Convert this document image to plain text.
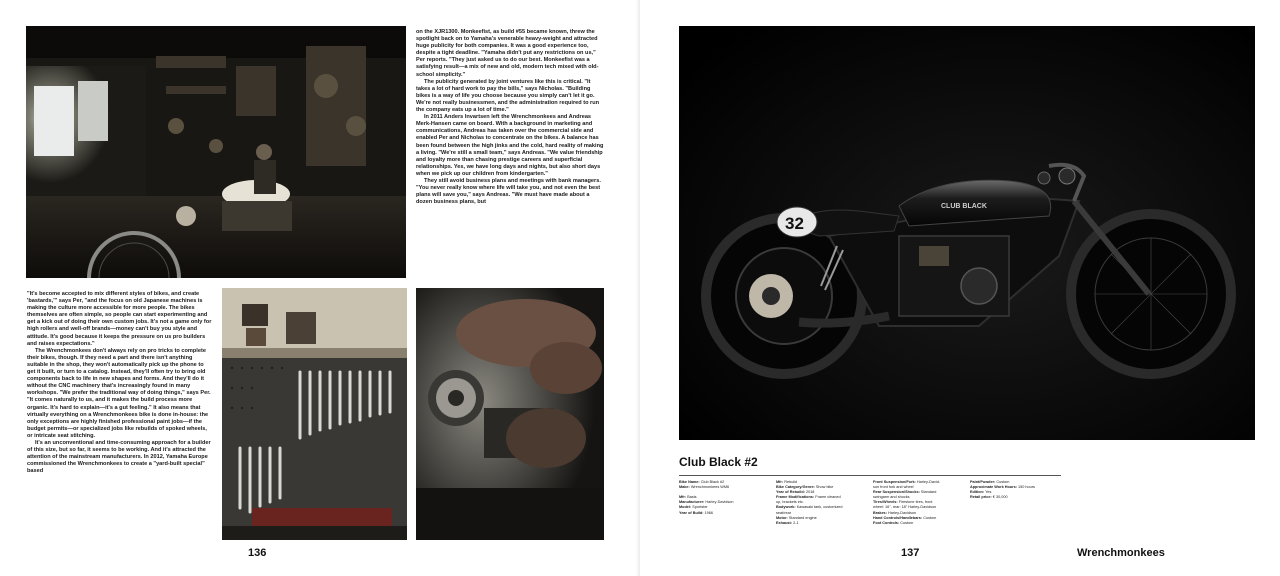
on the XJR1300. Monkeefist, as build #55 became known, threw the spotlight back on to Yamaha's venerable heavy-weight and attracted huge publicity for both companies. It was a good experience too, despite a tight deadline. "Yamaha didn't put any restrictions on us," Per reports. "They just asked us to do our best. Monkeefist was a satisfying result—a mix of new and old, modern tech mixed with old-school simplicity."

The publicity generated by joint ventures like this is critical. "It takes a lot of hard work to pay the bills," says Nicholas. "Building bikes is a way of life you choose because you simply can't let it go. We're not really businessmen, and the administration required to run the company eats up a lot of time."

In 2011 Anders Invartsen left the Wrenchmonkees and Andreas Merk-Hansen came on board. With a background in marketing and communications, Andreas has taken over the commercial side and enabled Per and Nicholas to concentrate on the bikes. A balance has been found between the high jinks and the cold, hard reality of making a living. "We're still a small team," says Andreas. "We value friendship and loyalty more than chasing prestige careers and superficial relationships. Yes, we have long days and nights, but also short days when we pick up our children from kindergarten."

They still avoid business plans and meetings with bank managers. "You never really know where life will take you, and not even the best plans will save you," says Andreas. "We must have made about a dozen business plans, but

"It's become accepted to mix different styles of bikes, and create 'bastards,'" says Per, "and the focus on old Japanese machines is making the culture more accessible for more people. The bikes themselves are often simple, so people can start experimenting and get a kick out of doing their own custom jobs. It's not a game only for high rollers and well-off brands—money can't buy you style and attitude. It's good because it keeps the pressure on us pro builders and raises expectations."

The Wrenchmonkees don't always rely on pro tricks to complete their bikes, though. If they need a part and there isn't anything suitable in the shop, they won't automatically pick up the phone to get it built, or turn to a catalog. Instead, they'll often try to bring old components back to life in new shapes and forms. And they'll do it without the CNC machinery that's increasingly found in many workshops. "We prefer the traditional way of doing things," says Per. "It comes naturally to us, and it makes the build process more organic. It's hard to explain—it's a gut feeling." It also means that virtually everything on a Wrenchmonkees bike is done in-house: the only exceptions are highly finished professional paint jobs—if the budget permits—or specialized jobs like rebuilds of spoked wheels, or intricate seat stitching.

It's an unconventional and time-consuming approach for a builder of this size, but so far, it seems to be working. And it's attracted the attention of the mainstream manufacturers. In 2012, Yamaha Europe commissioned the Wrenchmonkees to create a "yard-built special" based

136
CLUB BLACK
32
Club Black #2
Bike Name: Club Black #2
Make: Wrenchmonkees WM6
Mfr: Basis
Manufacturer: Harley-Davidson
Model: Sportster
Year of Build: 1966
Mfr: Rebuild
Bike Category/Genre: Show bike
Year of Rebuild: 2018
Frame Modifications: Frame cleaned
up, brackets etc.
Bodywork: Kawasaki tank, customized
seat/rear
Motor: Standard engine
Exhaust: 2-1
Front Suspension/Fork: Harley-David-
son front fork and wheel
Rear Suspension/Shocks: Standard
swingarm and shocks
Tires/Wheels: Firestone tires, front
wheel: 16", rear: 18" Harley-Davidson
Brakes: Harley-Davidson
Hand Controls/Handlebars: Custom
Foot Controls: Custom
Paint/Powder: Custom
Approximate Work Hours: 150 hours
Edition: Yes
Retail price: € 30,000
137	Wrenchmonkees
